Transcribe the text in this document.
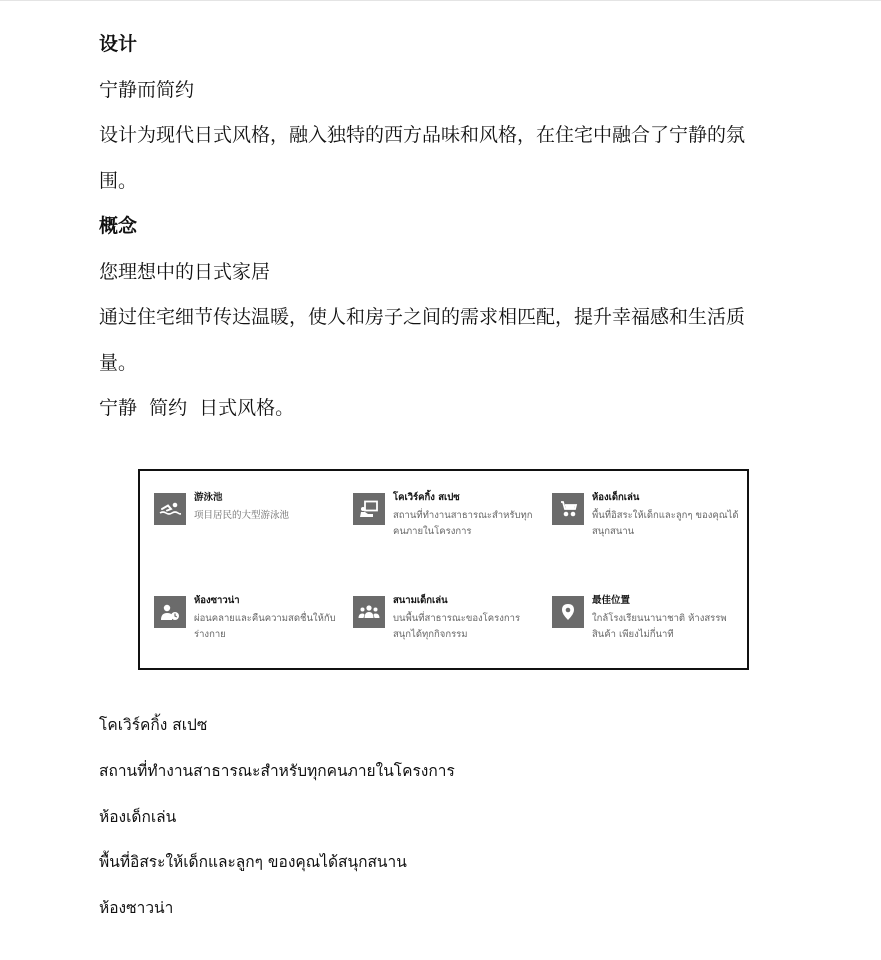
设计

宁静而简约

设计为现代日式风格，融入独特的西方品味和风格，在住宅中融合了宁静的氛

围。

概念

您理想中的日式家居

通过住宅细节传达温暖，使人和房子之间的需求相匹配，提升幸福感和生活质

量。

宁静  简约  日式风格。

游泳池
项目居民的大型游泳池
โคเวิร์คกิ้ง สเปซ
สถานที่ทำงานสาธารณะสำหรับทุก
คนภายในโครงการ
ห้องเด็กเล่น
พื้นที่อิสระให้เด็กและลูกๆ ของคุณได้
สนุกสนาน
ห้องซาวน่า
ผ่อนคลายและคืนความสดชื่นให้กับ
ร่างกาย
สนามเด็กเล่น
บนพื้นที่สาธารณะของโครงการ
สนุกได้ทุกกิจกรรม
最佳位置
ใกล้โรงเรียนนานาชาติ ห้างสรรพ
สินค้า เพียงไม่กี่นาที
โคเวิร์คกิ้ง สเปซ
สถานที่ทำงานสาธารณะสำหรับทุกคนภายในโครงการ
ห้องเด็กเล่น
พื้นที่อิสระให้เด็กและลูกๆ ของคุณได้สนุกสนาน
ห้องซาวน่า
